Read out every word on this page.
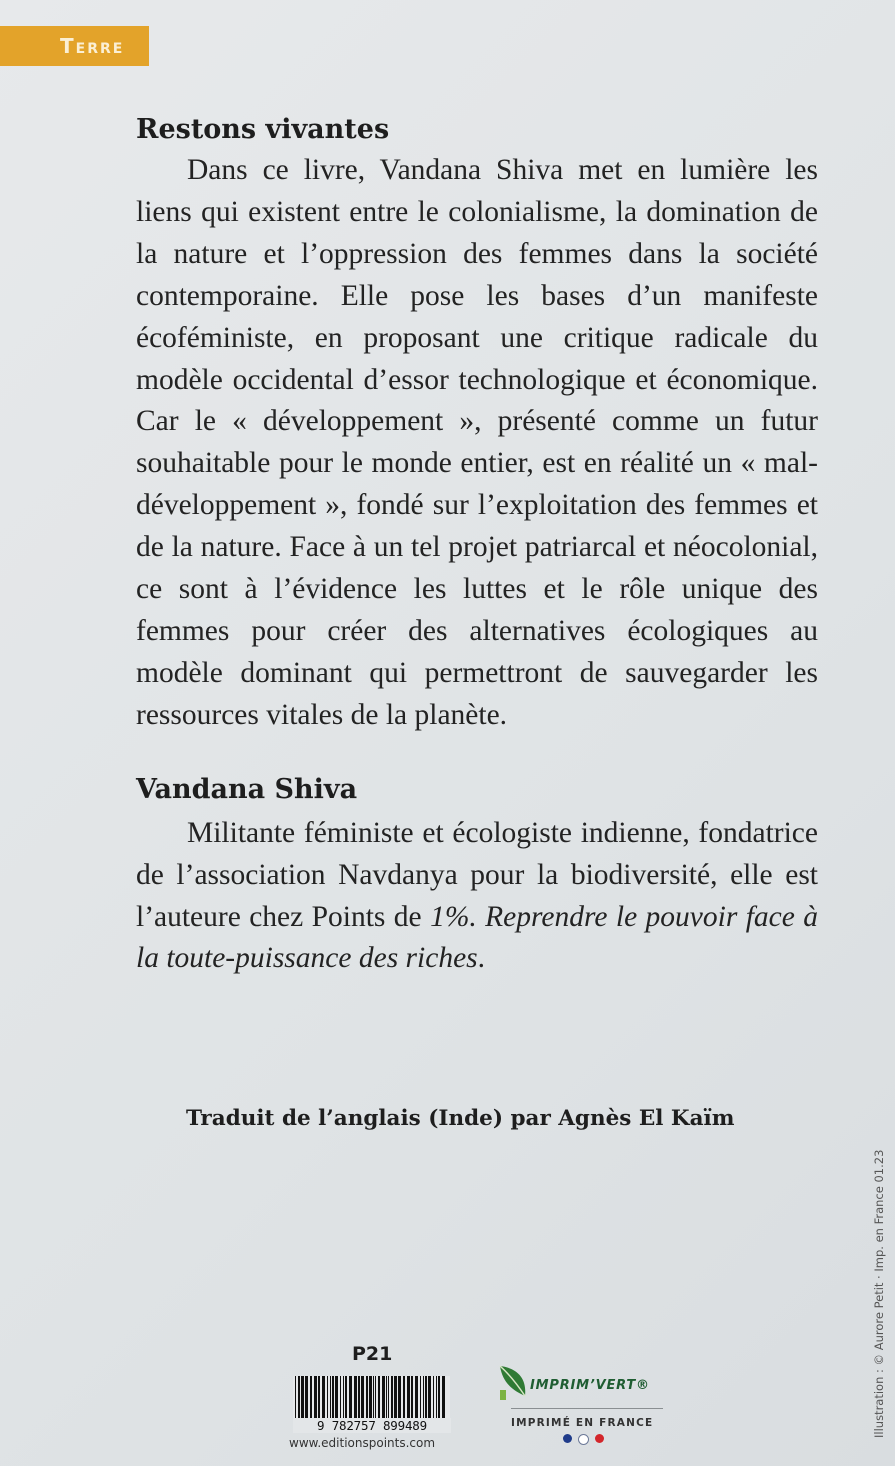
Terre
Restons vivantes

Dans ce livre, Vandana Shiva met en lumière les liens qui existent entre le colonialisme, la domination de la nature et l’oppression des femmes dans la société contemporaine. Elle pose les bases d’un manifeste écoféministe, en proposant une critique radicale du modèle occidental d’essor technologique et économique. Car le « développement », présenté comme un futur souhaitable pour le monde entier, est en réalité un « mal-développement », fondé sur l’exploitation des femmes et de la nature. Face à un tel projet patriarcal et néocolonial, ce sont à l’évidence les luttes et le rôle unique des femmes pour créer des alternatives écologiques au modèle dominant qui permettront de sauvegarder les ressources vitales de la planète.

Vandana Shiva

Militante féministe et écologiste indienne, fondatrice de l’association Navdanya pour la biodiversité, elle est l’auteure chez Points de 1%. Reprendre le pouvoir face à la toute-puissance des riches.

Traduit de l’anglais (Inde) par Agnès El Kaïm
Illustration : © Aurore Petit · Imp. en France 01.23
P21
9 782757 899489
www.editionspoints.com
IMPRIM’VERT®
IMPRIMÉ EN FRANCE
